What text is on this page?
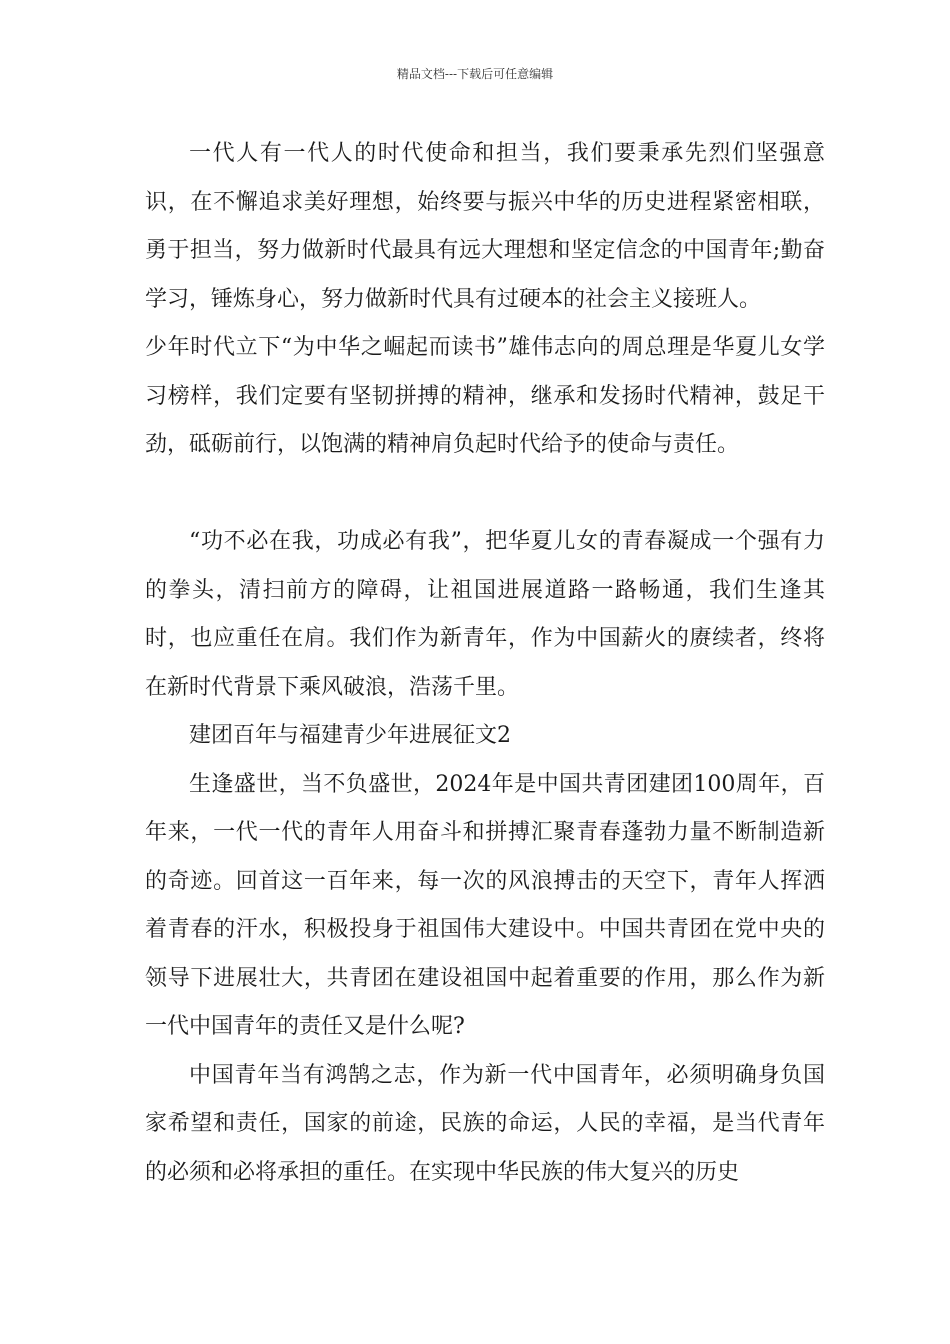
精品文档---下载后可任意编辑

一代人有一代人的时代使命和担当，我们要秉承先烈们坚强意识，在不懈追求美好理想，始终要与振兴中华的历史进程紧密相联，勇于担当，努力做新时代最具有远大理想和坚定信念的中国青年;勤奋学习，锤炼身心，努力做新时代具有过硬本的社会主义接班人。

少年时代立下“为中华之崛起而读书”雄伟志向的周总理是华夏儿女学习榜样，我们定要有坚韧拼搏的精神，继承和发扬时代精神，鼓足干劲，砥砺前行，以饱满的精神肩负起时代给予的使命与责任。

“功不必在我，功成必有我”，把华夏儿女的青春凝成一个强有力的拳头，清扫前方的障碍，让祖国进展道路一路畅通，我们生逢其时，也应重任在肩。我们作为新青年，作为中国薪火的赓续者，终将在新时代背景下乘风破浪，浩荡千里。

建团百年与福建青少年进展征文2

生逢盛世，当不负盛世，2024年是中国共青团建团100周年，百年来，一代一代的青年人用奋斗和拼搏汇聚青春蓬勃力量不断制造新的奇迹。回首这一百年来，每一次的风浪搏击的天空下，青年人挥洒着青春的汗水，积极投身于祖国伟大建设中。中国共青团在党中央的领导下进展壮大，共青团在建设祖国中起着重要的作用，那么作为新一代中国青年的责任又是什么呢?

中国青年当有鸿鹄之志，作为新一代中国青年，必须明确身负国家希望和责任，国家的前途，民族的命运，人民的幸福，是当代青年的必须和必将承担的重任。在实现中华民族的伟大复兴的历史
